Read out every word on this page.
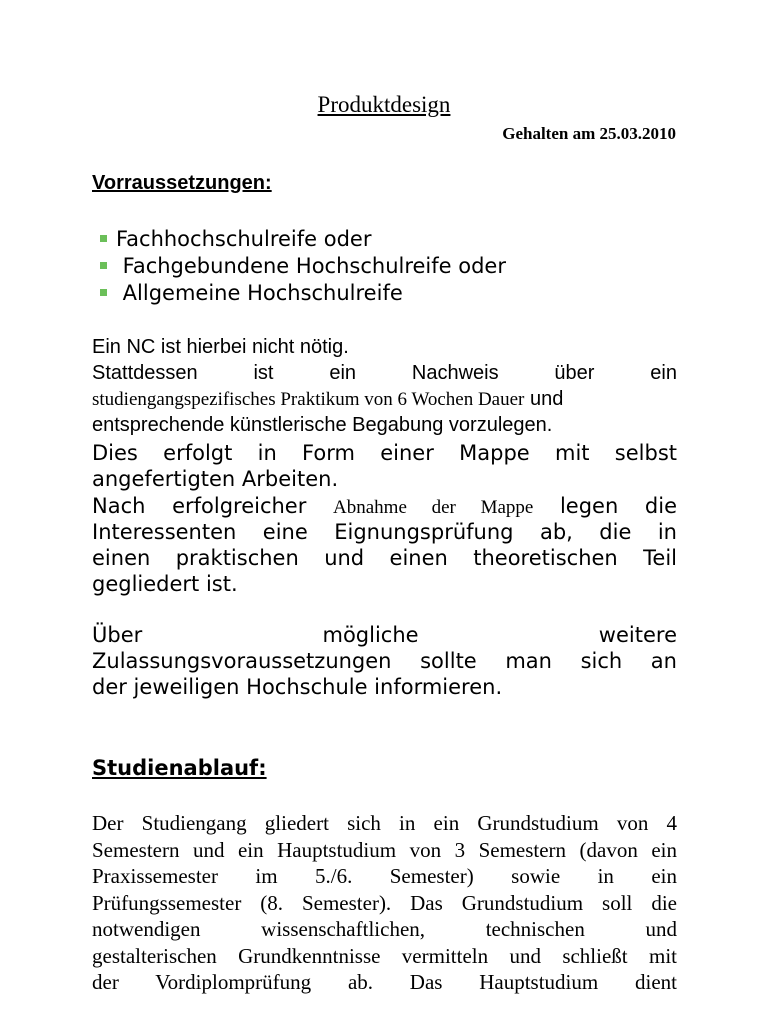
Produktdesign
Gehalten am 25.03.2010
Vorraussetzungen:
Fachhochschulreife oder
Fachgebundene Hochschulreife oder
Allgemeine Hochschulreife
Ein NC ist hierbei nicht nötig.
Stattdessen ist ein Nachweis über ein
studiengangspezifisches Praktikum von 6 Wochen Dauer und
entsprechende künstlerische Begabung vorzulegen.
Dies erfolgt in Form einer Mappe mit selbst
angefertigten Arbeiten.
Nach erfolgreicher Abnahme der Mappe legen die
Interessenten eine Eignungsprüfung ab, die in
einen praktischen und einen theoretischen Teil
gegliedert ist.
Über mögliche weitere
Zulassungsvoraussetzungen sollte man sich an
der jeweiligen Hochschule informieren.
Studienablauf:
Der Studiengang gliedert sich in ein Grundstudium von 4
Semestern und ein Hauptstudium von 3 Semestern (davon ein
Praxissemester im 5./6. Semester) sowie in ein
Prüfungssemester (8. Semester). Das Grundstudium soll die
notwendigen wissenschaftlichen, technischen und
gestalterischen Grundkenntnisse vermitteln und schließt mit
der Vordiplomprüfung ab. Das Hauptstudium dient
